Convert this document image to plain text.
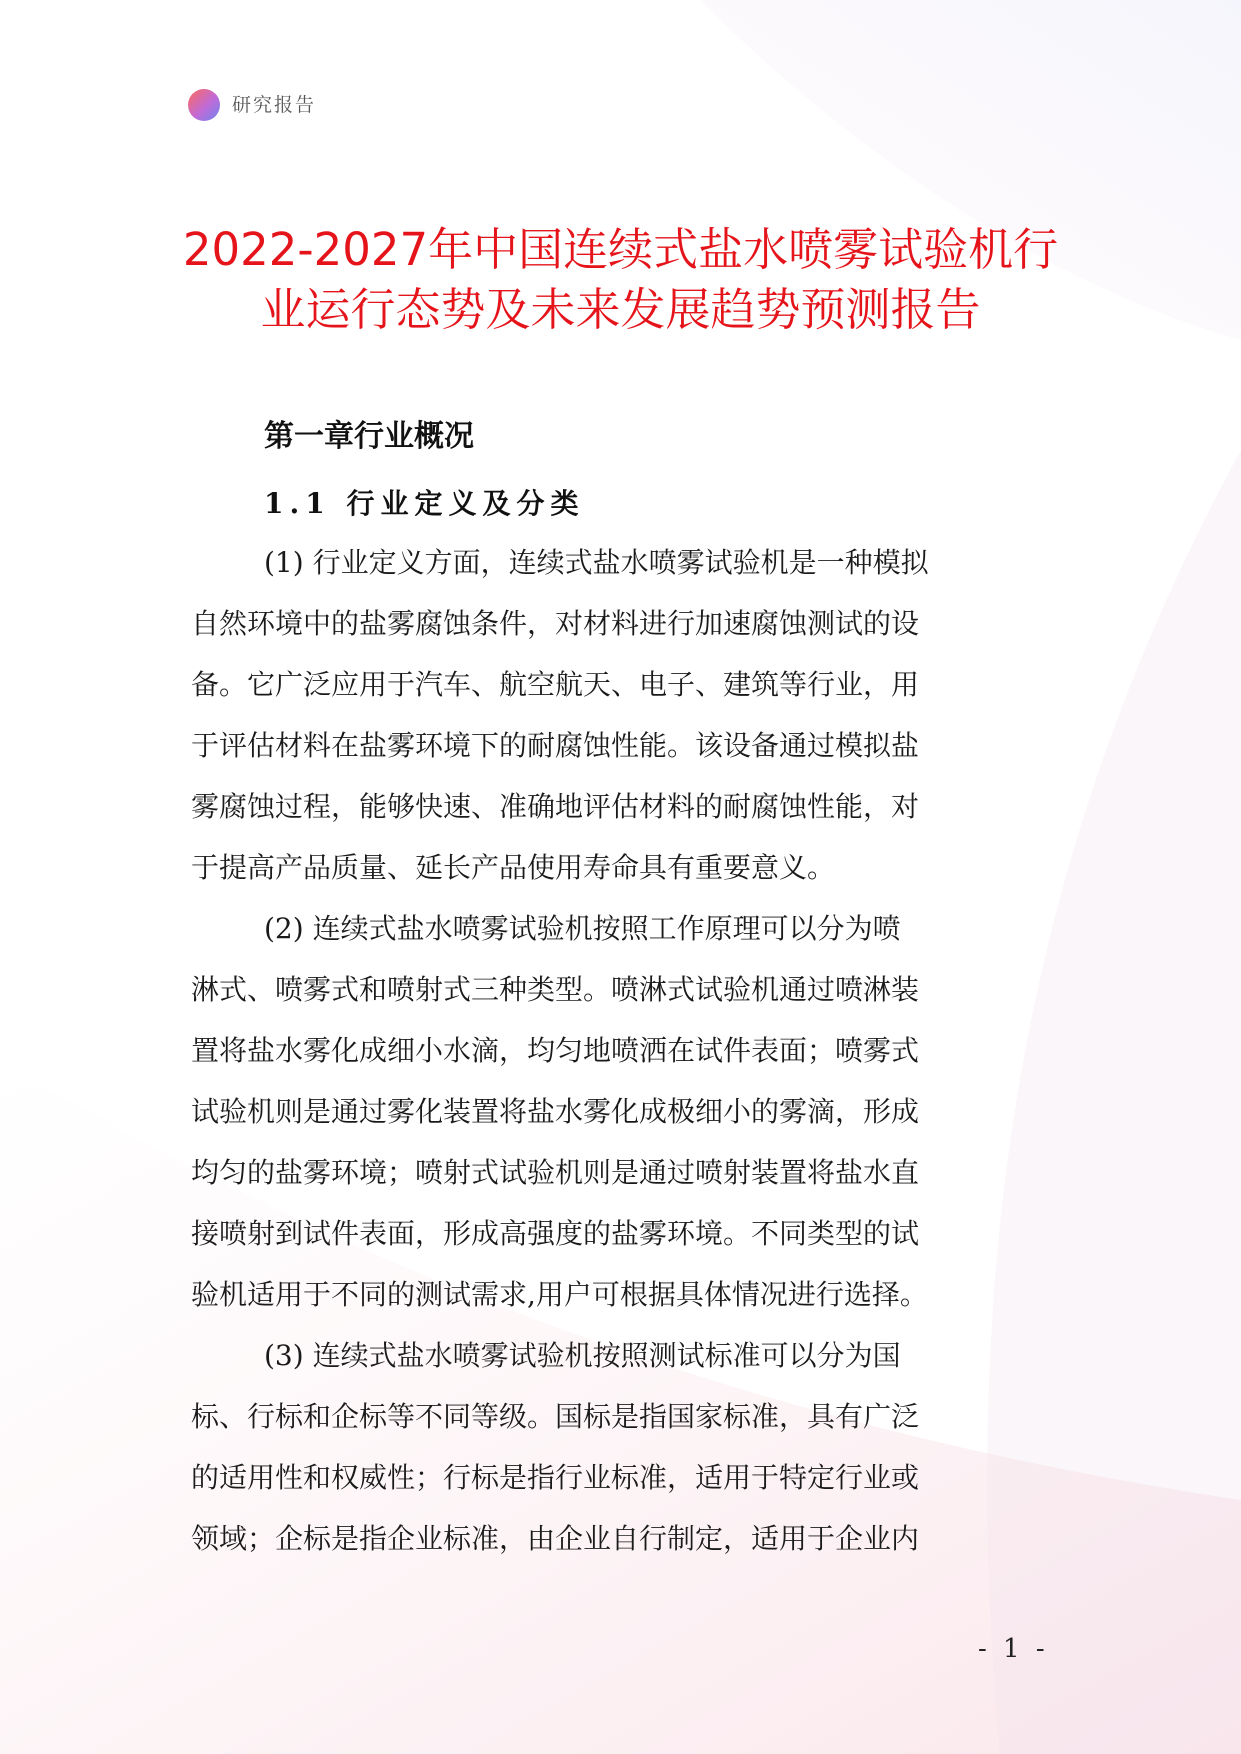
研究报告
2022-2027年中国连续式盐水喷雾试验机行
业运行态势及未来发展趋势预测报告
第一章行业概况
1.1 行业定义及分类

(1) 行业定义方面，连续式盐水喷雾试验机是一种模拟

自然环境中的盐雾腐蚀条件，对材料进行加速腐蚀测试的设

备。它广泛应用于汽车、航空航天、电子、建筑等行业，用

于评估材料在盐雾环境下的耐腐蚀性能。该设备通过模拟盐

雾腐蚀过程，能够快速、准确地评估材料的耐腐蚀性能，对

于提高产品质量、延长产品使用寿命具有重要意义。

(2) 连续式盐水喷雾试验机按照工作原理可以分为喷

淋式、喷雾式和喷射式三种类型。喷淋式试验机通过喷淋装

置将盐水雾化成细小水滴，均匀地喷洒在试件表面；喷雾式

试验机则是通过雾化装置将盐水雾化成极细小的雾滴，形成

均匀的盐雾环境；喷射式试验机则是通过喷射装置将盐水直

接喷射到试件表面，形成高强度的盐雾环境。不同类型的试

验机适用于不同的测试需求,用户可根据具体情况进行选择。

(3) 连续式盐水喷雾试验机按照测试标准可以分为国

标、行标和企标等不同等级。国标是指国家标准，具有广泛

的适用性和权威性；行标是指行业标准，适用于特定行业或

领域；企标是指企业标准，由企业自行制定，适用于企业内

- 1 -
